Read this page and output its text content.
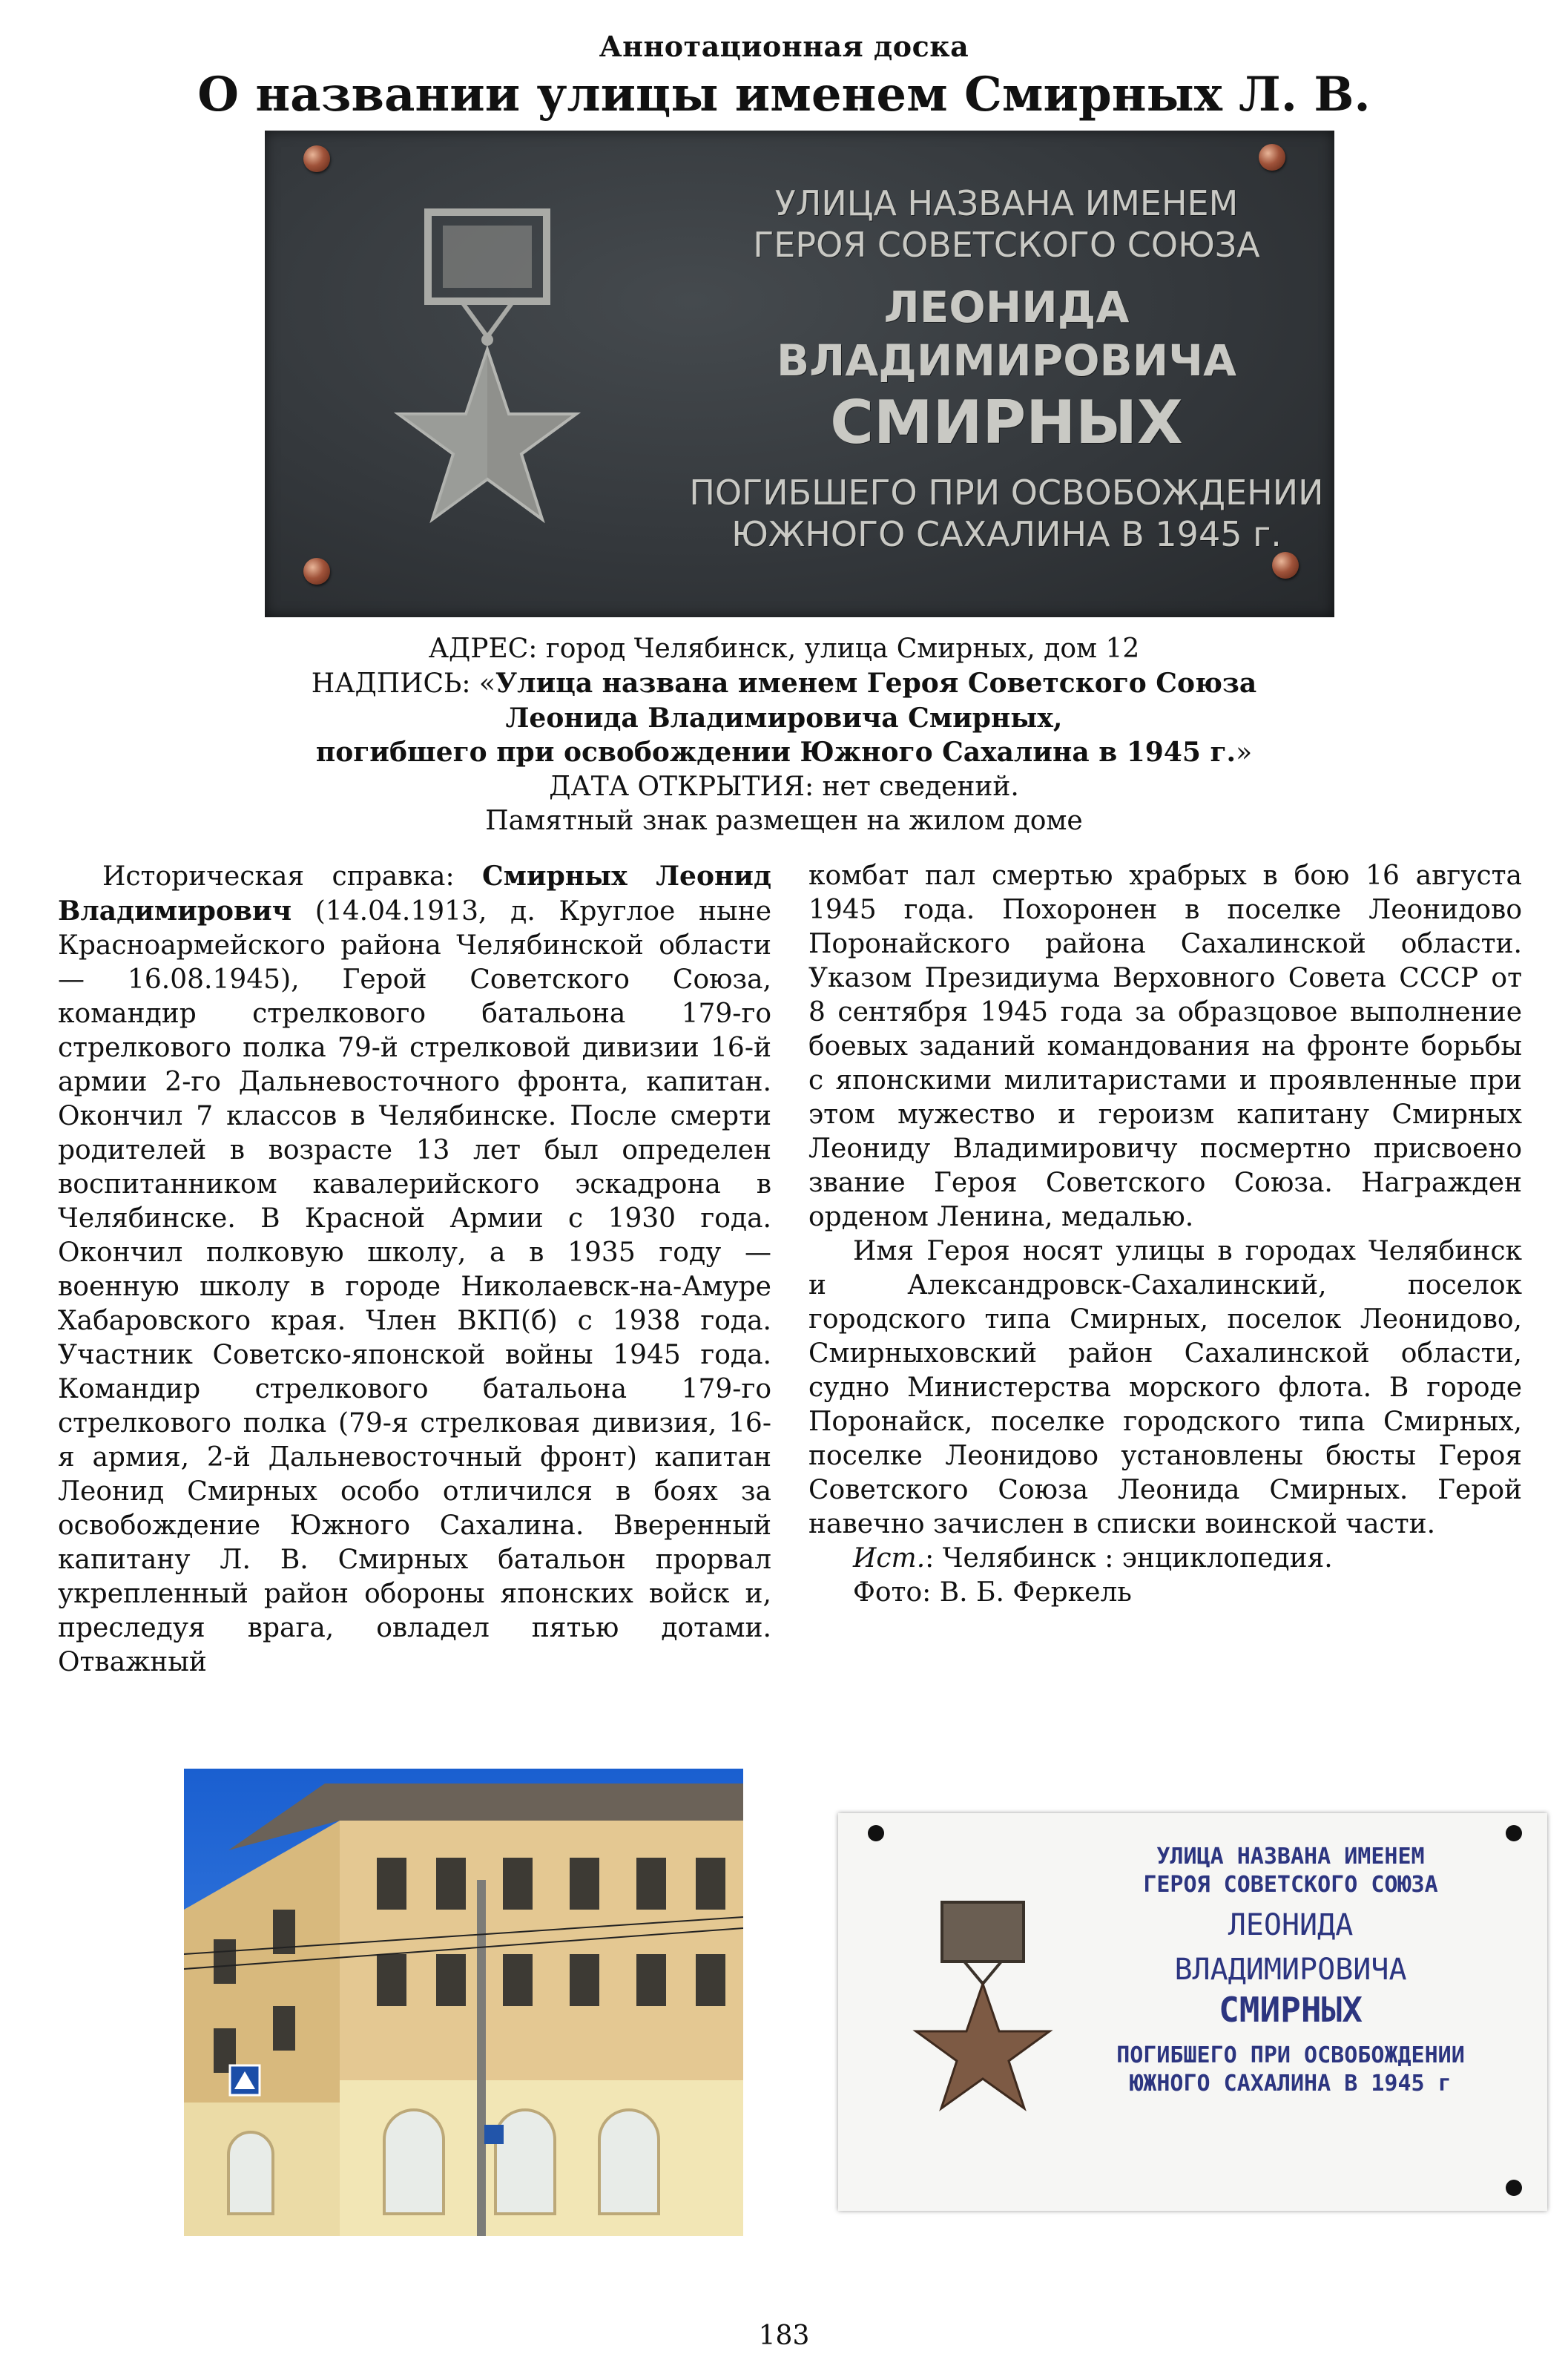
Аннотационная доска
О названии улицы именем Смирных Л. В.
УЛИЦА НАЗВАНА ИМЕНЕМ
ГЕРОЯ СОВЕТСКОГО СОЮЗА
ЛЕОНИДА
ВЛАДИМИРОВИЧА
СМИРНЫХ
ПОГИБШЕГО ПРИ ОСВОБОЖДЕНИИ
ЮЖНОГО САХАЛИНА В 1945 г.
АДРЕС: город Челябинск, улица Смирных, дом 12
НАДПИСЬ: «Улица названа именем Героя Советского Союза
Леонида Владимировича Смирных,
погибшего при освобождении Южного Сахалина в 1945 г.»
ДАТА ОТКРЫТИЯ: нет сведений.
Памятный знак размещен на жилом доме

Историческая справка: Смирных Леонид Владимирович (14.04.1913, д. Круглое ныне Красноармейского района Челябинской области — 16.08.1945), Герой Советского Союза, командир стрелкового батальона 179-го стрелкового полка 79-й стрелковой дивизии 16-й армии 2-го Дальневосточного фронта, капитан. Окончил 7 классов в Челябинске. После смерти родителей в возрасте 13 лет был определен воспитанником кавалерийского эскадрона в Челябинске. В Красной Армии с 1930 года. Окончил полковую школу, а в 1935 году — военную школу в городе Николаевск-на-Амуре Хабаровского края. Член ВКП(б) с 1938 года. Участник Советско-японской войны 1945 года. Командир стрелкового батальона 179-го стрелкового полка (79-я стрелковая дивизия, 16-я армия, 2-й Дальневосточный фронт) капитан Леонид Смирных особо отличился в боях за освобождение Южного Сахалина. Вверенный капитану Л. В. Смирных батальон прорвал укрепленный район обороны японских войск и, преследуя врага, овладел пятью дотами. Отважный

комбат пал смертью храбрых в бою 16 августа 1945 года. Похоронен в поселке Леонидово Поронайского района Сахалинской области. Указом Президиума Верховного Совета СССР от 8 сентября 1945 года за образцовое выполнение боевых заданий командования на фронте борьбы с японскими милитаристами и проявленные при этом мужество и героизм капитану Смирных Леониду Владимировичу посмертно присвоено звание Героя Советского Союза. Награжден орденом Ленина, медалью.

Имя Героя носят улицы в городах Челябинск и Александровск-Сахалинский, поселок городского типа Смирных, поселок Леонидово, Смирныховский район Сахалинской области, судно Министерства морского флота. В городе Поронайск, поселке городского типа Смирных, поселке Леонидово установлены бюсты Героя Советского Союза Леонида Смирных. Герой навечно зачислен в списки воинской части.

Ист.: Челябинск : энциклопедия.

Фото: В. Б. Феркель

УЛИЦА НАЗВАНА ИМЕНЕМ
ГЕРОЯ СОВЕТСКОГО СОЮЗА
ЛЕОНИДА
ВЛАДИМИРОВИЧА
СМИРНЫХ
ПОГИБШЕГО ПРИ ОСВОБОЖДЕНИИ
ЮЖНОГО САХАЛИНА В 1945 г
183
